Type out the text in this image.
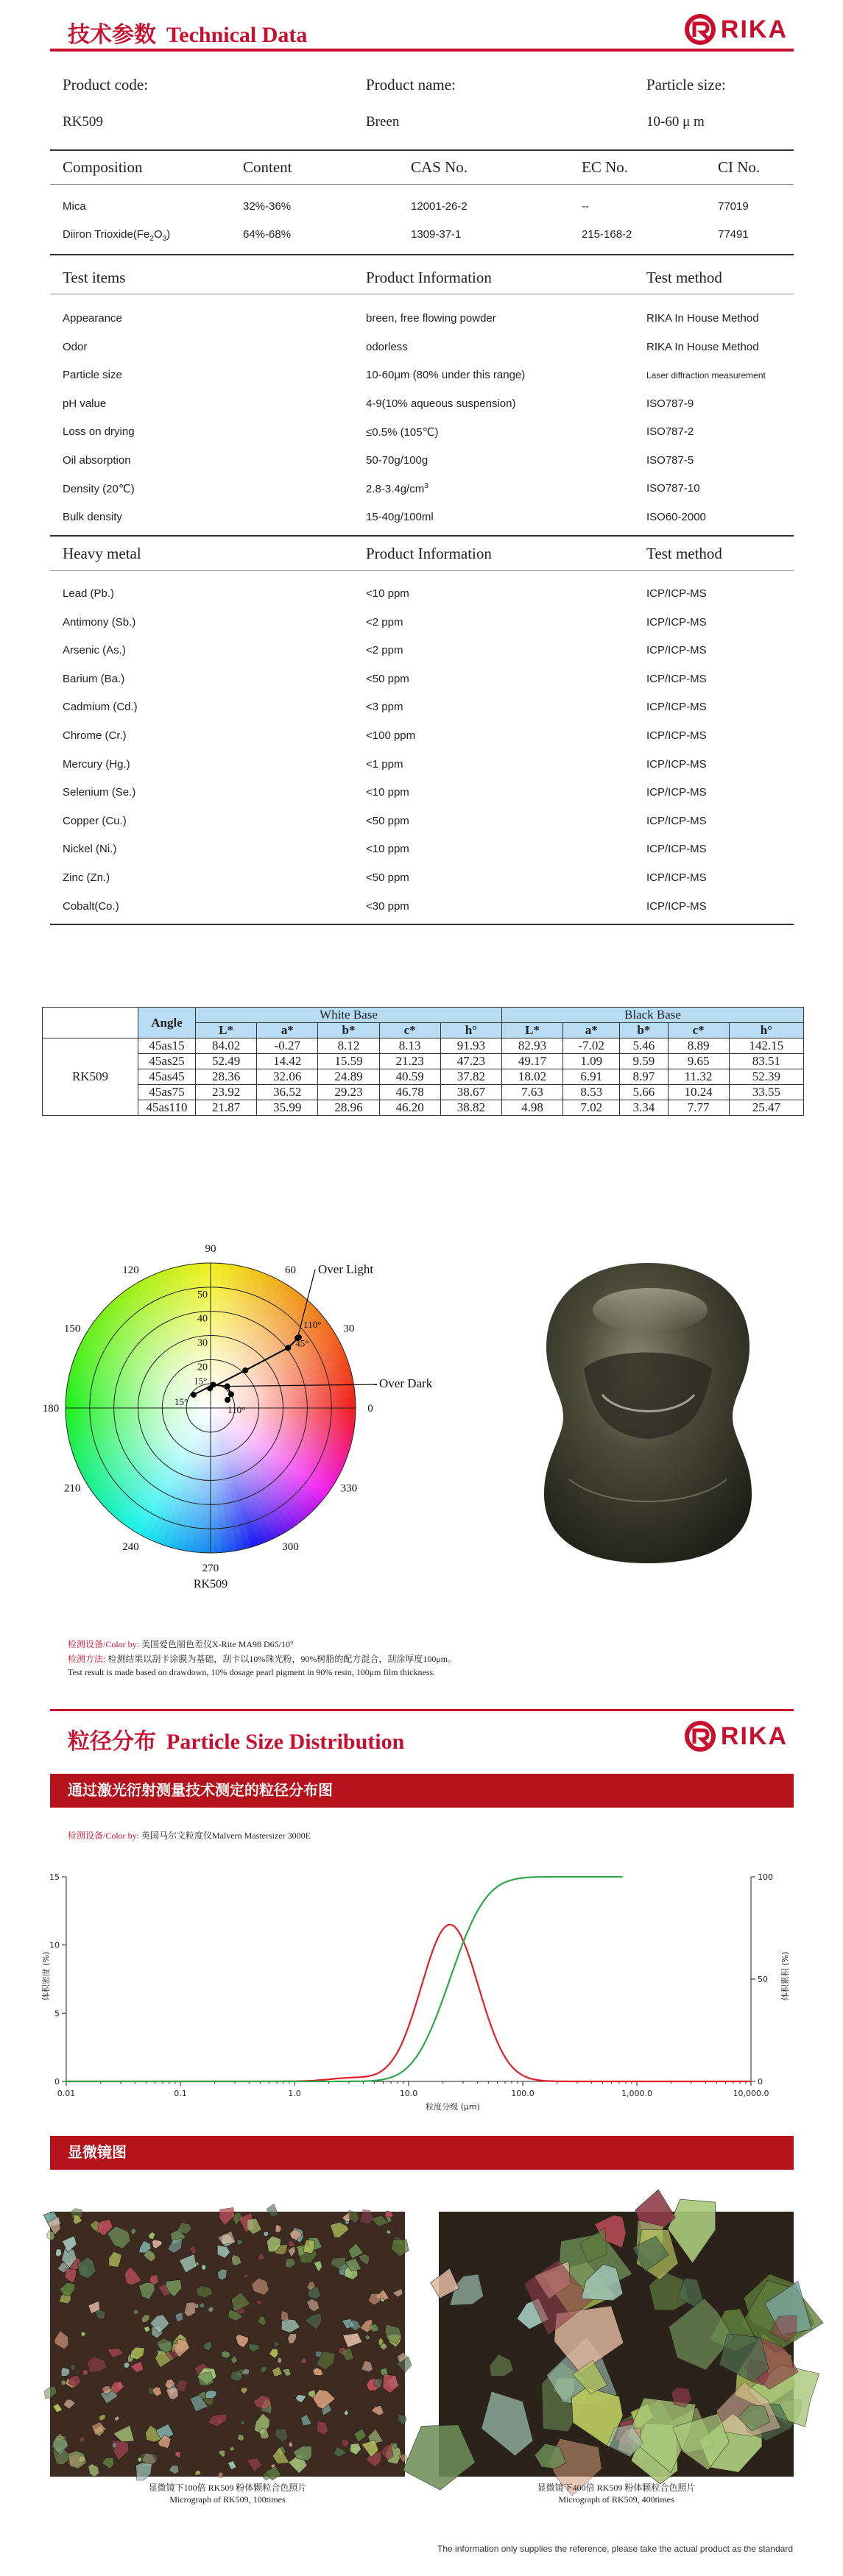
技术参数 Technical Data	RIKA
Product code:	Product name:	Particle size:
RK509	Breen	10-60 μ m
Composition	Content	CAS No.	EC No.	CI No.
Mica	32%-36%	12001-26-2	--	77019
Diiron $Trioxide(Fe_2O_3)$	64%-68%	1309-37-1	215-168-2	77491
Test items	Product Information	Test method
Appearance	breen, free flowing powder	RIKA In House Method
Odor	odorless	RIKA In House Method
Particle size	10-60μm (80% under this range)	Laser diffraction measurement
pH value	4-9(10% aqueous suspension)	ISO787-9
Loss on drying	≤0.5% (105℃)	ISO787-2
Oil absorption	50-70g/100g	ISO787-5
Density (20℃)	$2.8-3.4g/cm^3$	ISO787-10
Bulk density	15-40g/100ml	ISO60-2000
Heavy metal	Product Information	Test method
Lead (Pb.)	<10 ppm	ICP/ICP-MS
Antimony (Sb.)	<2 ppm	ICP/ICP-MS
Arsenic (As.)	<2 ppm	ICP/ICP-MS
Barium (Ba.)	<50 ppm	ICP/ICP-MS
Cadmium (Cd.)	<3 ppm	ICP/ICP-MS
Chrome (Cr.)	<100 ppm	ICP/ICP-MS
Mercury (Hg.)	<1 ppm	ICP/ICP-MS
Selenium (Se.)	<10 ppm	ICP/ICP-MS
Copper (Cu.)	<50 ppm	ICP/ICP-MS
Nickel (Ni.)	<10 ppm	ICP/ICP-MS
Zinc (Zn.)	<50 ppm	ICP/ICP-MS
Cobalt(Co.)	<30 ppm	ICP/ICP-MS
	Angle	White Base					Black Base				
		L*	a*	b*	c*	h°	L*	a*	b*	c*	h°
RK509	45as15	84.02	-0.27	8.12	8.13	91.93	82.93	-7.02	5.46	8.89	142.15
	45as25	52.49	14.42	15.59	21.23	47.23	49.17	1.09	9.59	9.65	83.51
	45as45	28.36	32.06	24.89	40.59	37.82	18.02	6.91	8.97	11.32	52.39
	45as75	23.92	36.52	29.23	46.78	38.67	7.63	8.53	5.66	10.24	33.55
	45as110	21.87	35.99	28.96	46.20	38.82	4.98	7.02	3.34	7.77	25.47
90
60
30
0
330
300
270
240
210
180
150
120
20
30
40
50
15°
45°
110°
15°
110°
Over Light
Over Dark
RK509
检测设备/Color by: 美国爱色丽色差仪X-Rite MA98 D65/10°
检测方法: 检测结果以刮卡涂膜为基础，刮卡以10%珠光粉，90%树脂的配方混合，刮涂厚度100μm。
Test result is made based on drawdown, 10% dosage pearl pigment in 90% resin, 100μm film thickness.
粒径分布 Particle Size Distribution	RIKA
通过激光衍射测量技术测定的粒径分布图
检测设备/Color by: 英国马尔文粒度仪Malvern Mastersizer 3000E
0.01	0.1	1.0	10.0	100.0	1,000.0	10,000.0
0
5
10
15
0
50
100
粒度分级 (μm)
体积密度 (%)	体积累积 (%)
显微镜图
显微镜下100倍 RK509 粉体颗粒合色照片
Micrograph of RK509, 100times
显微镜下400倍 RK509 粉体颗粒合色照片
Micrograph of RK509, 400times
The information only supplies the reference, please take the actual product as the standard
